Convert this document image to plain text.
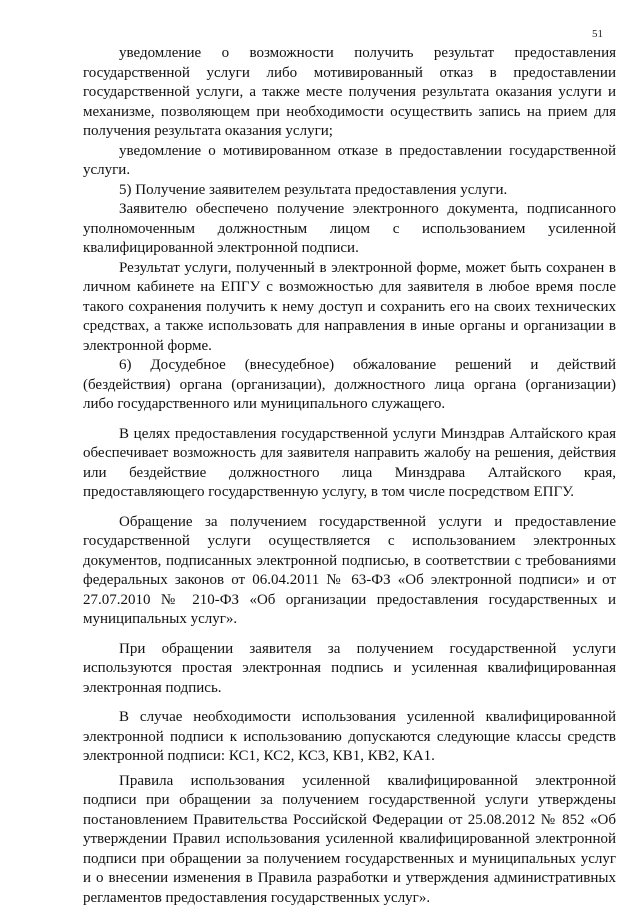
51

уведомление о возможности получить результат предоставления государственной услуги либо мотивированный отказ в предоставлении государственной услуги, а также месте получения результата оказания услуги и механизме, позволяющем при необходимости осуществить запись на прием для получения результата оказания услуги;

уведомление о мотивированном отказе в предоставлении государственной услуги.

5) Получение заявителем результата предоставления услуги.

Заявителю обеспечено получение электронного документа, подписанного уполномоченным должностным лицом с использованием усиленной квалифицированной электронной подписи.

Результат услуги, полученный в электронной форме, может быть сохранен в личном кабинете на ЕПГУ с возможностью для заявителя в любое время после такого сохранения получить к нему доступ и сохранить его на своих технических средствах, а также использовать для направления в иные органы и организации в электронной форме.

6) Досудебное (внесудебное) обжалование решений и действий (бездействия) органа (организации), должностного лица органа (организации) либо государственного или муниципального служащего.

В целях предоставления государственной услуги Минздрав Алтайского края обеспечивает возможность для заявителя направить жалобу на решения, действия или бездействие должностного лица Минздрава Алтайского края, предоставляющего государственную услугу, в том числе посредством ЕПГУ.

Обращение за получением государственной услуги и предоставление государственной услуги осуществляется с использованием электронных документов, подписанных электронной подписью, в соответствии с требованиями федеральных законов от 06.04.2011 № 63-ФЗ «Об электронной подписи» и от 27.07.2010 № 210-ФЗ «Об организации предоставления государственных и муниципальных услуг».

При обращении заявителя за получением государственной услуги используются простая электронная подпись и усиленная квалифицированная электронная подпись.

В случае необходимости использования усиленной квалифицированной электронной подписи к использованию допускаются следующие классы средств электронной подписи: КС1, КС2, КС3, КВ1, КВ2, КА1.

Правила использования усиленной квалифицированной электронной подписи при обращении за получением государственной услуги утверждены постановлением Правительства Российской Федерации от 25.08.2012 № 852 «Об утверждении Правил использования усиленной квалифицированной электронной подписи при обращении за получением государственных и муниципальных услуг и о внесении изменения в Правила разработки и утверждения административных регламентов предоставления государственных услуг».
